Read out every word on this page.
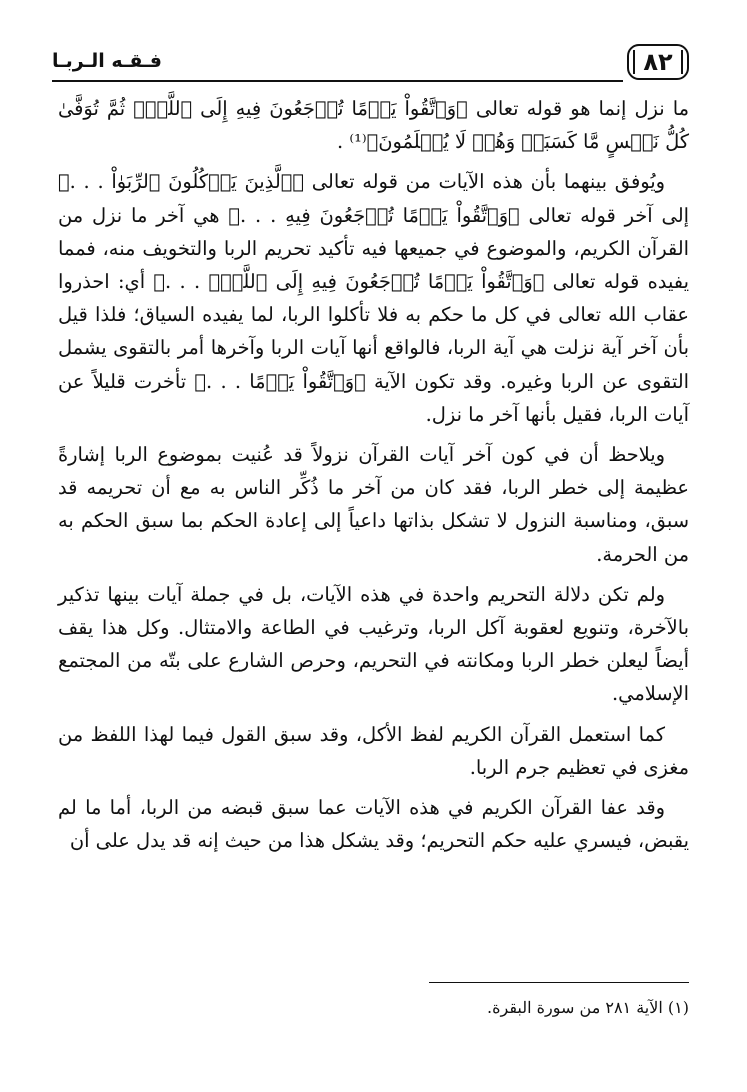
٨٢
فـقـه الـربـا

ما نزل إنما هو قوله تعالى ﴿وَٱتَّقُواْ يَوۡمًا تُرۡجَعُونَ فِيهِ إِلَى ٱللَّهِۖ ثُمَّ تُوَفَّىٰ كُلُّ نَفۡسٍ مَّا كَسَبَتۡ وَهُمۡ لَا يُظۡلَمُونَ﴾⁽¹⁾ .

ويُوفق بينهما بأن هذه الآيات من قوله تعالى ﴿ٱلَّذِينَ يَأۡكُلُونَ ٱلرِّبَوٰاْ . . .﴾ إلى آخر قوله تعالى ﴿وَٱتَّقُواْ يَوۡمًا تُرۡجَعُونَ فِيهِ . . .﴾ هي آخر ما نزل من القرآن الكريم، والموضوع في جميعها فيه تأكيد تحريم الربا والتخويف منه، فمما يفيده قوله تعالى ﴿وَٱتَّقُواْ يَوۡمًا تُرۡجَعُونَ فِيهِ إِلَى ٱللَّهِۖ . . .﴾ أي: احذروا عقاب الله تعالى في كل ما حكم به فلا تأكلوا الربا، لما يفيده السياق؛ فلذا قيل بأن آخر آية نزلت هي آية الربا، فالواقع أنها آيات الربا وآخرها أمر بالتقوى يشمل التقوى عن الربا وغيره. وقد تكون الآية ﴿وَٱتَّقُواْ يَوۡمًا . . .﴾ تأخرت قليلاً عن آيات الربا، فقيل بأنها آخر ما نزل.

ويلاحظ أن في كون آخر آيات القرآن نزولاً قد عُنيت بموضوع الربا إشارةً عظيمة إلى خطر الربا، فقد كان من آخر ما ذُكِّر الناس به مع أن تحريمه قد سبق، ومناسبة النزول لا تشكل بذاتها داعياً إلى إعادة الحكم بما سبق الحكم به من الحرمة.

ولم تكن دلالة التحريم واحدة في هذه الآيات، بل في جملة آيات بينها تذكير بالآخرة، وتنويع لعقوبة آكل الربا، وترغيب في الطاعة والامتثال. وكل هذا يقف أيضاً ليعلن خطر الربا ومكانته في التحريم، وحرص الشارع على بتّه من المجتمع الإسلامي.

كما استعمل القرآن الكريم لفظ الأكل، وقد سبق القول فيما لهذا اللفظ من مغزى في تعظيم جرم الربا.

وقد عفا القرآن الكريم في هذه الآيات عما سبق قبضه من الربا، أما ما لم يقبض، فيسري عليه حكم التحريم؛ وقد يشكل هذا من حيث إنه قد يدل على أن

(١) الآية ٢٨١ من سورة البقرة.
